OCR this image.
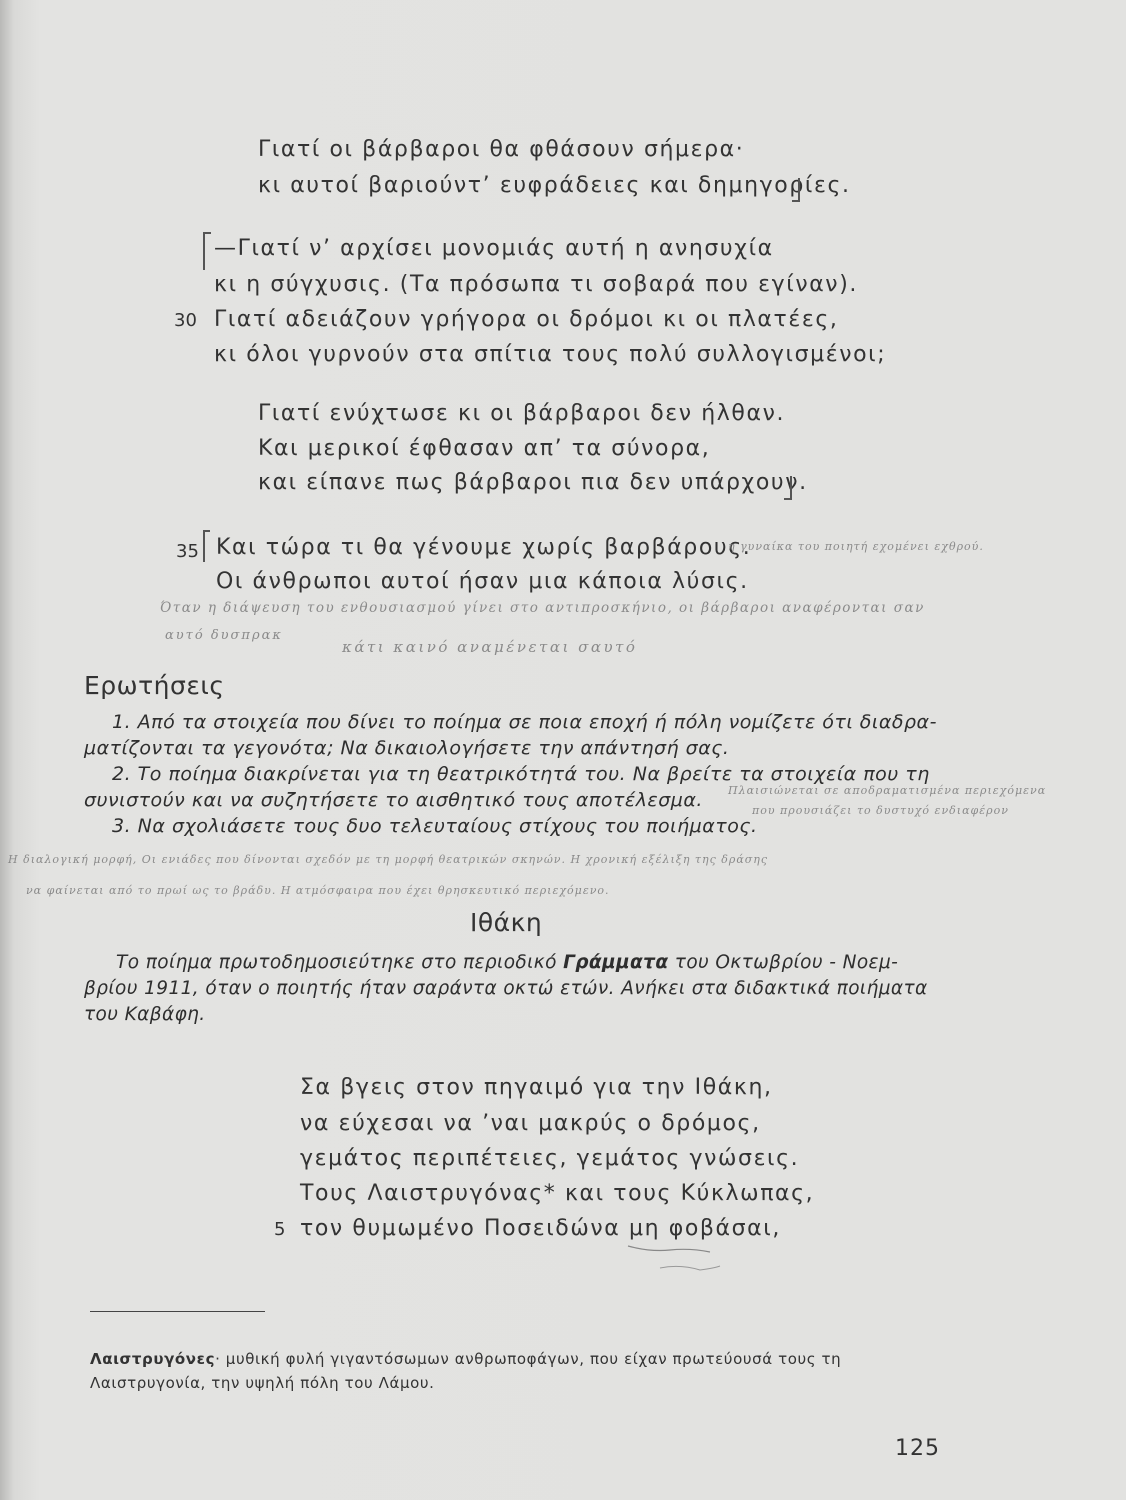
Γιατί οι βάρβαροι θα φθάσουν σήμερα·
κι αυτοί βαριούντ’ ευφράδειες και δημηγορίες.
—Γιατί ν’ αρχίσει μονομιάς αυτή η ανησυχία
κι η σύγχυσις. (Τα πρόσωπα τι σοβαρά που εγίναν).
30 Γιατί αδειάζουν γρήγορα οι δρόμοι κι οι πλατέες,
κι όλοι γυρνούν στα σπίτια τους πολύ συλλογισμένοι;
Γιατί ενύχτωσε κι οι βάρβαροι δεν ήλθαν.
Και μερικοί έφθασαν απ’ τα σύνορα,
και είπανε πως βάρβαροι πια δεν υπάρχουν.
35 Και τώρα τι θα γένουμε χωρίς βαρβάρους.
Οι άνθρωποι αυτοί ήσαν μια κάποια λύσις.
η γυναίκα του ποιητή εχομένει εχθρού.
Όταν η διάψευση του ενθουσιασμού γίνει στο αντιπροσκήνιο, οι βάρβαροι αναφέρονται σαν
αυτό δυσπρακ
κάτι καινό αναμένεται σαυτό
Ερωτήσεις
1. Από τα στοιχεία που δίνει το ποίημα σε ποια εποχή ή πόλη νομίζετε ότι διαδρα-
ματίζονται τα γεγονότα; Να δικαιολογήσετε την απάντησή σας.
2. Το ποίημα διακρίνεται για τη θεατρικότητά του. Να βρείτε τα στοιχεία που τη
συνιστούν και να συζητήσετε το αισθητικό τους αποτέλεσμα.
3. Να σχολιάσετε τους δυο τελευταίους στίχους του ποιήματος.
Πλαισιώνεται σε αποδραματισμένα περιεχόμενα
που προυσιάζει το δυστυχό ενδιαφέρον
Η διαλογική μορφή, Οι ενιάδες που δίνονται σχεδόν με τη μορφή θεατρικών σκηνών. Η χρονική εξέλιξη της δράσης
να φαίνεται από το πρωί ως το βράδυ. Η ατμόσφαιρα που έχει θρησκευτικό περιεχόμενο.
Ιθάκη
Το ποίημα πρωτοδημοσιεύτηκε στο περιοδικό Γράμματα του Οκτωβρίου - Νοεμ-
βρίου 1911, όταν ο ποιητής ήταν σαράντα οκτώ ετών. Ανήκει στα διδακτικά ποιήματα
του Καβάφη.
Σα βγεις στον πηγαιμό για την Ιθάκη,
να εύχεσαι να ’ναι μακρύς ο δρόμος,
γεμάτος περιπέτειες, γεμάτος γνώσεις.
Τους Λαιστρυγόνας* και τους Κύκλωπας,
5 τον θυμωμένο Ποσειδώνα μη φοβάσαι,
Λαιστρυγόνες· μυθική φυλή γιγαντόσωμων ανθρωποφάγων, που είχαν πρωτεύουσά τους τη
Λαιστρυγονία, την υψηλή πόλη του Λάμου.
125
